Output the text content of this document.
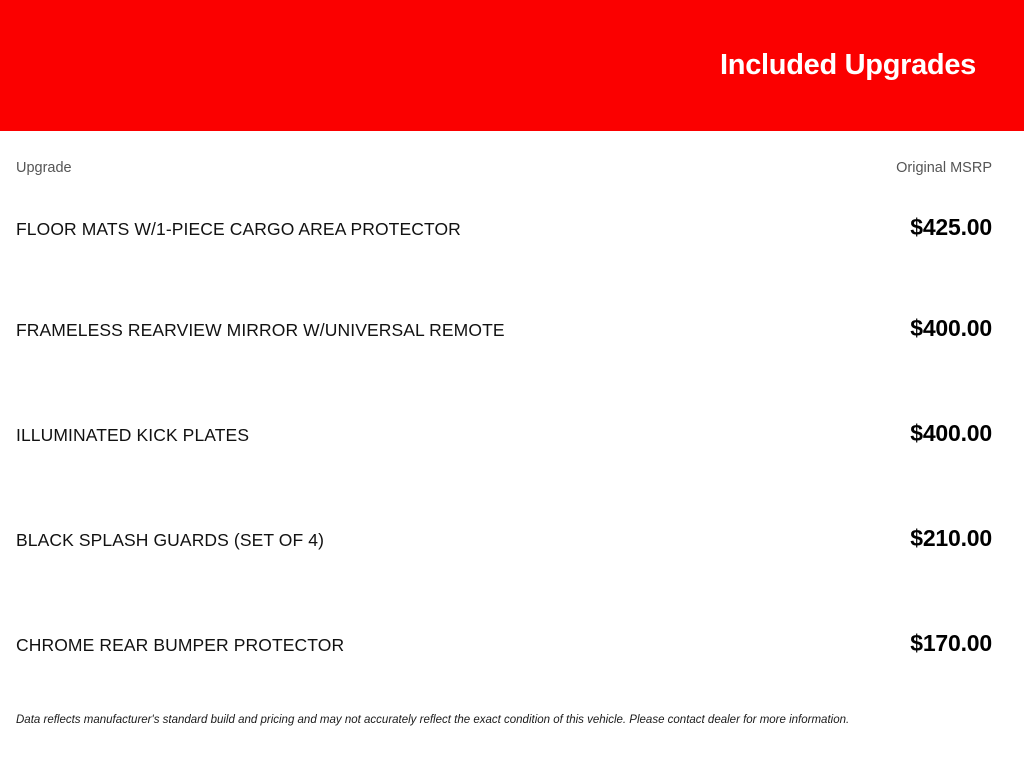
Included Upgrades
Upgrade	Original MSRP
FLOOR MATS W/1-PIECE CARGO AREA PROTECTOR	$425.00
FRAMELESS REARVIEW MIRROR W/UNIVERSAL REMOTE	$400.00
ILLUMINATED KICK PLATES	$400.00
BLACK SPLASH GUARDS (SET OF 4)	$210.00
CHROME REAR BUMPER PROTECTOR	$170.00
Data reflects manufacturer's standard build and pricing and may not accurately reflect the exact condition of this vehicle. Please contact dealer for more information.
